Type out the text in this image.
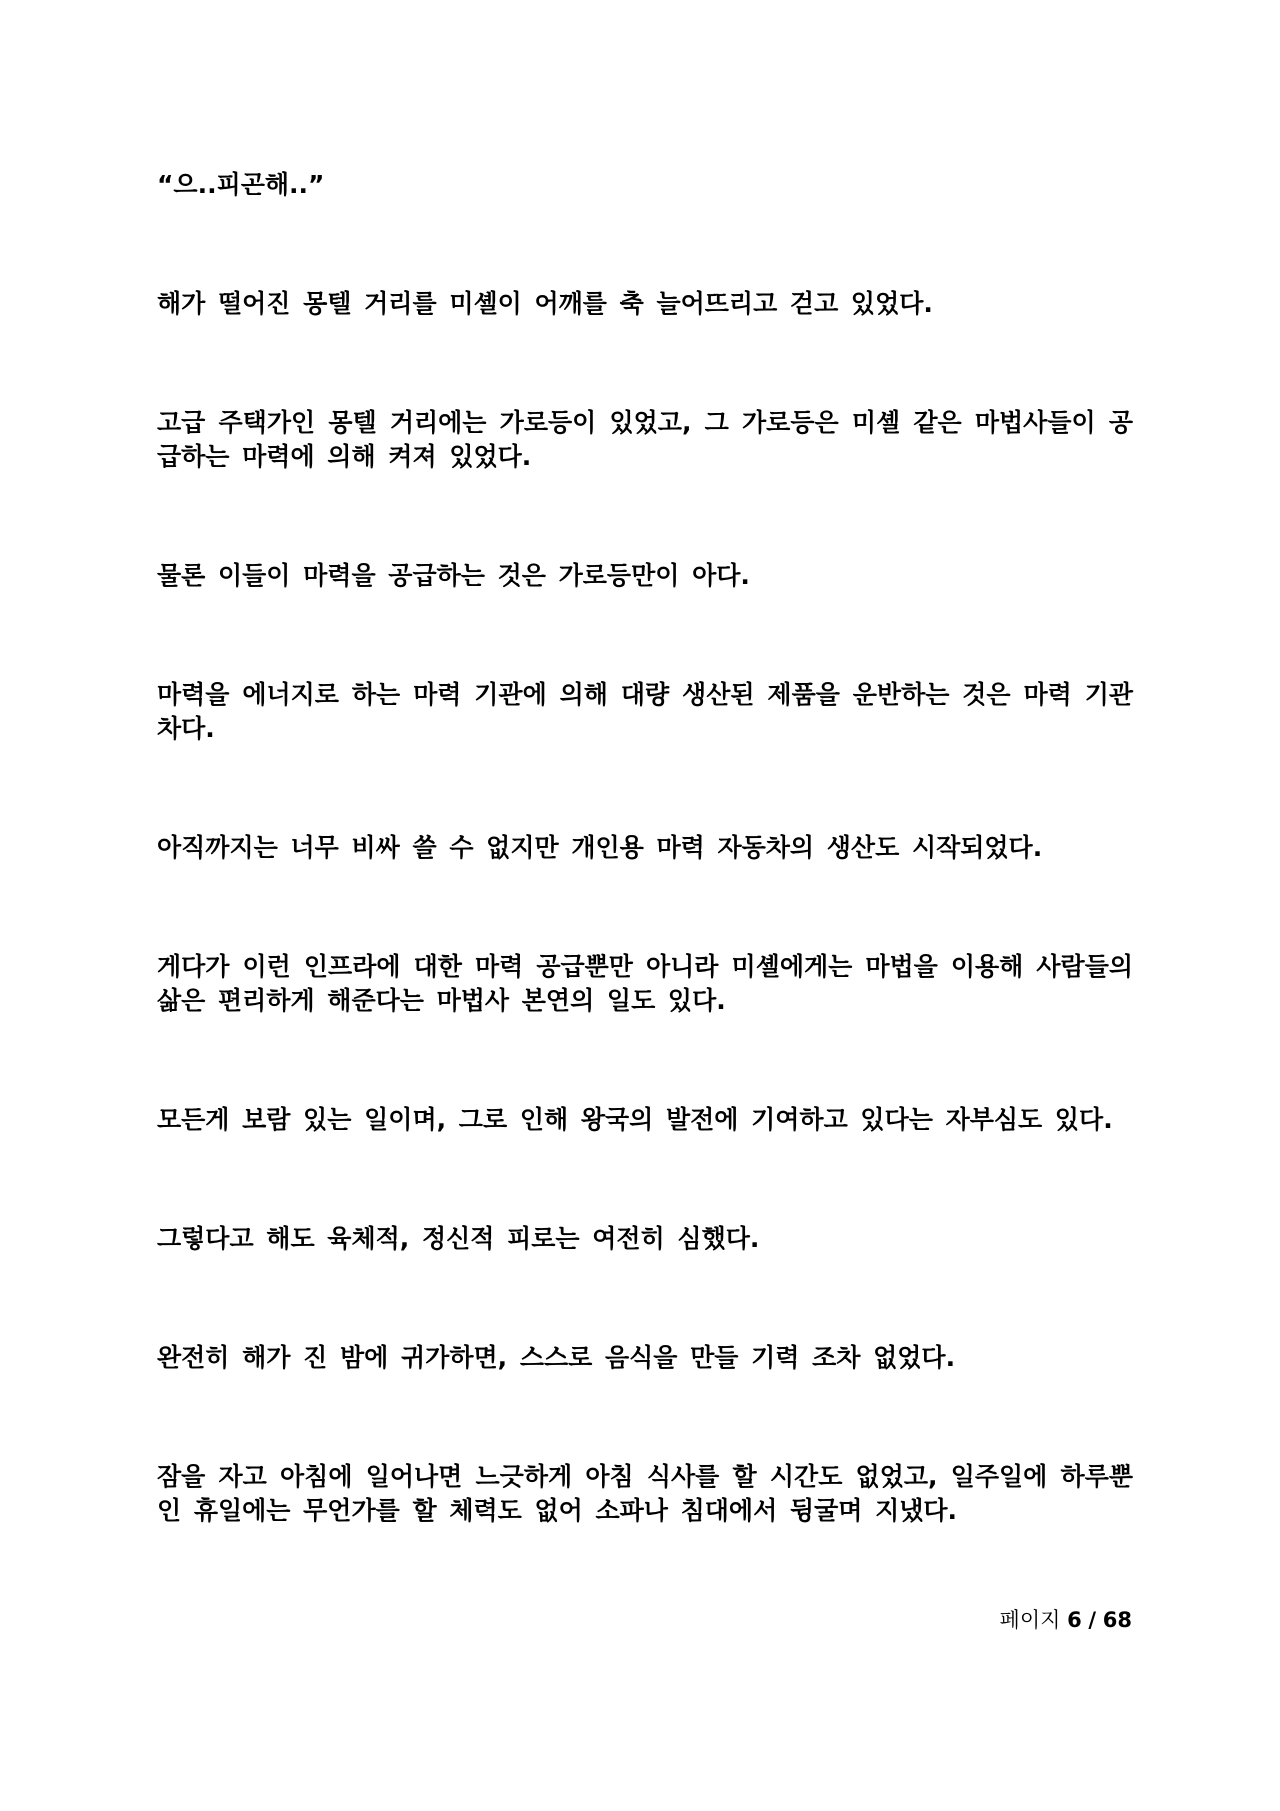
“으..피곤해..”

해가 떨어진 몽텔 거리를 미셸이 어깨를 축 늘어뜨리고 걷고 있었다.

고급 주택가인 몽텔 거리에는 가로등이 있었고, 그 가로등은 미셸 같은 마법사들이 공급하는 마력에 의해 켜져 있었다.

물론 이들이 마력을 공급하는 것은 가로등만이 아다.

마력을 에너지로 하는 마력 기관에 의해 대량 생산된 제품을 운반하는 것은 마력 기관차다.

아직까지는 너무 비싸 쓸 수 없지만 개인용 마력 자동차의 생산도 시작되었다.

게다가 이런 인프라에 대한 마력 공급뿐만 아니라 미셸에게는 마법을 이용해 사람들의 삶은 편리하게 해준다는 마법사 본연의 일도 있다.

모든게 보람 있는 일이며, 그로 인해 왕국의 발전에 기여하고 있다는 자부심도 있다.

그렇다고 해도 육체적, 정신적 피로는 여전히 심했다.

완전히 해가 진 밤에 귀가하면, 스스로 음식을 만들 기력 조차 없었다.

잠을 자고 아침에 일어나면 느긋하게 아침 식사를 할 시간도 없었고, 일주일에 하루뿐인 휴일에는 무언가를 할 체력도 없어 소파나 침대에서 뒹굴며 지냈다.

페이지 6 / 68
